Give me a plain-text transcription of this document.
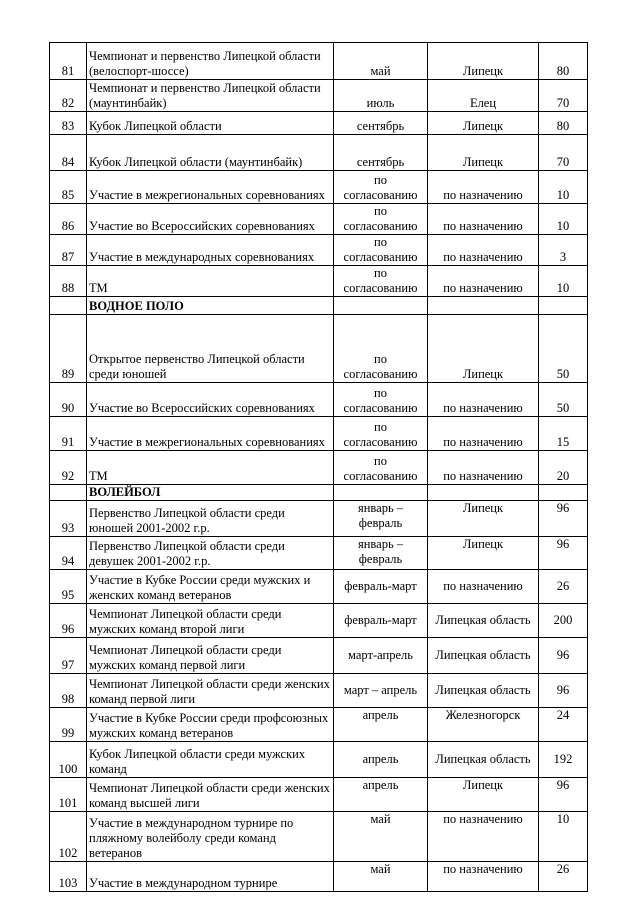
81	Чемпионат и первенство Липецкой области (велоспорт-шоссе)	май	Липецк	80
82	Чемпионат и первенство Липецкой области (маунтинбайк)	июль	Елец	70
83	Кубок Липецкой области	сентябрь	Липецк	80
84	Кубок Липецкой области (маунтинбайк)	сентябрь	Липецк	70
85	Участие в межрегиональных соревнованиях	по согласованию	по назначению	10
86	Участие во Всероссийских соревнованиях	по согласованию	по назначению	10
87	Участие в международных соревнованиях	по согласованию	по назначению	3
88	ТМ	по согласованию	по назначению	10
	ВОДНОЕ ПОЛО			
89	Открытое первенство Липецкой области среди юношей	по согласованию	Липецк	50
90	Участие во Всероссийских соревнованиях	по согласованию	по назначению	50
91	Участие в межрегиональных соревнованиях	по согласованию	по назначению	15
92	ТМ	по согласованию	по назначению	20
	ВОЛЕЙБОЛ			
93	Первенство Липецкой области среди юношей 2001-2002 г.р.	январь – февраль	Липецк	96
94	Первенство Липецкой области среди девушек 2001-2002 г.р.	январь – февраль	Липецк	96
95	Участие в Кубке России среди мужских и женских команд ветеранов	февраль-март	по назначению	26
96	Чемпионат Липецкой области среди мужских команд второй лиги	февраль-март	Липецкая область	200
97	Чемпионат Липецкой области среди мужских команд первой лиги	март-апрель	Липецкая область	96
98	Чемпионат Липецкой области среди женских команд первой лиги	март – апрель	Липецкая область	96
99	Участие в Кубке России среди профсоюзных мужских команд ветеранов	апрель	Железногорск	24
100	Кубок Липецкой области среди мужских команд	апрель	Липецкая область	192
101	Чемпионат Липецкой области среди женских команд высшей лиги	апрель	Липецк	96
102	Участие в международном турнире по пляжному волейболу среди команд ветеранов	май	по назначению	10
103	Участие в международном турнире	май	по назначению	26
